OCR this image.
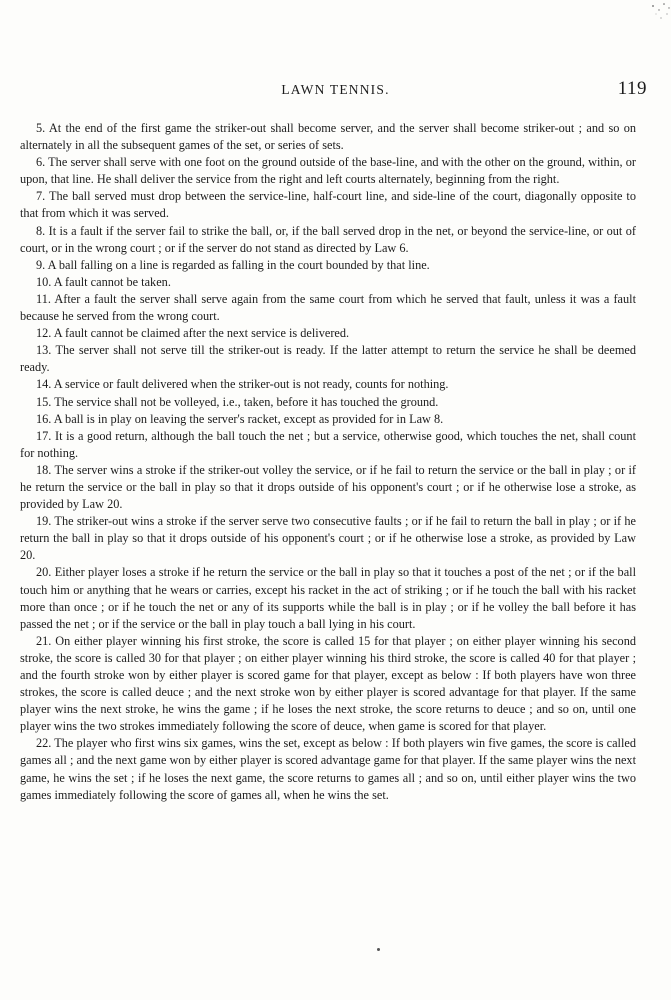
LAWN TENNIS.	119

5. At the end of the first game the striker-out shall become server, and the server shall become striker-out ; and so on alternately in all the subsequent games of the set, or series of sets.

6. The server shall serve with one foot on the ground outside of the base-line, and with the other on the ground, within, or upon, that line. He shall deliver the service from the right and left courts alternately, beginning from the right.

7. The ball served must drop between the service-line, half-court line, and side-line of the court, diagonally opposite to that from which it was served.

8. It is a fault if the server fail to strike the ball, or, if the ball served drop in the net, or beyond the service-line, or out of court, or in the wrong court ; or if the server do not stand as directed by Law 6.

9. A ball falling on a line is regarded as falling in the court bounded by that line.

10. A fault cannot be taken.

11. After a fault the server shall serve again from the same court from which he served that fault, unless it was a fault because he served from the wrong court.

12. A fault cannot be claimed after the next service is delivered.

13. The server shall not serve till the striker-out is ready. If the latter attempt to return the service he shall be deemed ready.

14. A service or fault delivered when the striker-out is not ready, counts for nothing.

15. The service shall not be volleyed, i.e., taken, before it has touched the ground.

16. A ball is in play on leaving the server's racket, except as provided for in Law 8.

17. It is a good return, although the ball touch the net ; but a service, otherwise good, which touches the net, shall count for nothing.

18. The server wins a stroke if the striker-out volley the service, or if he fail to return the service or the ball in play ; or if he return the service or the ball in play so that it drops outside of his opponent's court ; or if he otherwise lose a stroke, as provided by Law 20.

19. The striker-out wins a stroke if the server serve two consecutive faults ; or if he fail to return the ball in play ; or if he return the ball in play so that it drops outside of his opponent's court ; or if he otherwise lose a stroke, as provided by Law 20.

20. Either player loses a stroke if he return the service or the ball in play so that it touches a post of the net ; or if the ball touch him or anything that he wears or carries, except his racket in the act of striking ; or if he touch the ball with his racket more than once ; or if he touch the net or any of its supports while the ball is in play ; or if he volley the ball before it has passed the net ; or if the service or the ball in play touch a ball lying in his court.

21. On either player winning his first stroke, the score is called 15 for that player ; on either player winning his second stroke, the score is called 30 for that player ; on either player winning his third stroke, the score is called 40 for that player ; and the fourth stroke won by either player is scored game for that player, except as below : If both players have won three strokes, the score is called deuce ; and the next stroke won by either player is scored advantage for that player. If the same player wins the next stroke, he wins the game ; if he loses the next stroke, the score returns to deuce ; and so on, until one player wins the two strokes immediately following the score of deuce, when game is scored for that player.

22. The player who first wins six games, wins the set, except as below : If both players win five games, the score is called games all ; and the next game won by either player is scored advantage game for that player. If the same player wins the next game, he wins the set ; if he loses the next game, the score returns to games all ; and so on, until either player wins the two games immediately following the score of games all, when he wins the set.
